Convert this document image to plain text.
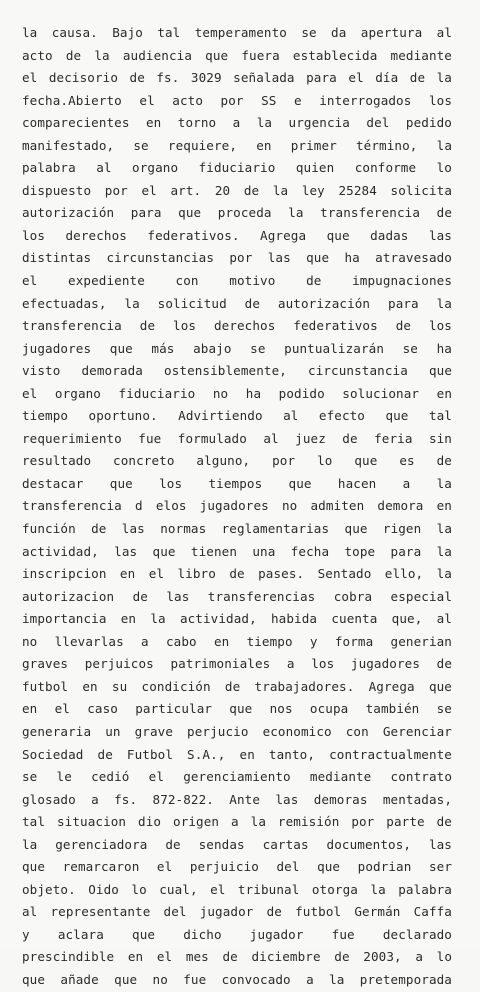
la causa. Bajo tal temperamento se da apertura al
acto de la audiencia que fuera establecida mediante
el decisorio de fs. 3029 señalada para el día de la
fecha.Abierto el acto por SS e interrogados los
comparecientes en torno a la urgencia del pedido
manifestado, se requiere, en primer término, la
palabra al organo fiduciario quien conforme lo
dispuesto por el art. 20 de la ley 25284 solicita
autorización para que proceda la transferencia de
los derechos federativos. Agrega que dadas las
distintas circunstancias por las que ha atravesado
el expediente con motivo de impugnaciones
efectuadas, la solicitud de autorización para la
transferencia de los derechos federativos de los
jugadores que más abajo se puntualizarán se ha
visto demorada ostensiblemente, circunstancia que
el organo fiduciario no ha podido solucionar en
tiempo oportuno. Advirtiendo al efecto que tal
requerimiento fue formulado al juez de feria sin
resultado concreto alguno, por lo que es de
destacar que los tiempos que hacen a la
transferencia d elos jugadores no admiten demora en
función de las normas reglamentarias que rigen la
actividad, las que tienen una fecha tope para la
inscripcion en el libro de pases. Sentado ello, la
autorizacion de las transferencias cobra especial
importancia en la actividad, habida cuenta que, al
no llevarlas a cabo en tiempo y forma generian
graves perjuicos patrimoniales a los jugadores de
futbol en su condición de trabajadores. Agrega que
en el caso particular que nos ocupa también se
generaria un grave perjucio economico con Gerenciar
Sociedad de Futbol S.A., en tanto, contractualmente
se le cedió el gerenciamiento mediante contrato
glosado a fs. 872-822. Ante las demoras mentadas,
tal situacion dio origen a la remisión por parte de
la gerenciadora de sendas cartas documentos, las
que remarcaron el perjuicio del que podrian ser
objeto. Oido lo cual, el tribunal otorga la palabra
al representante del jugador de futbol Germán Caffa
y aclara que dicho jugador fue declarado
prescindible en el mes de diciembre de 2003, a lo
que añade que no fue convocado a la pretemporada
